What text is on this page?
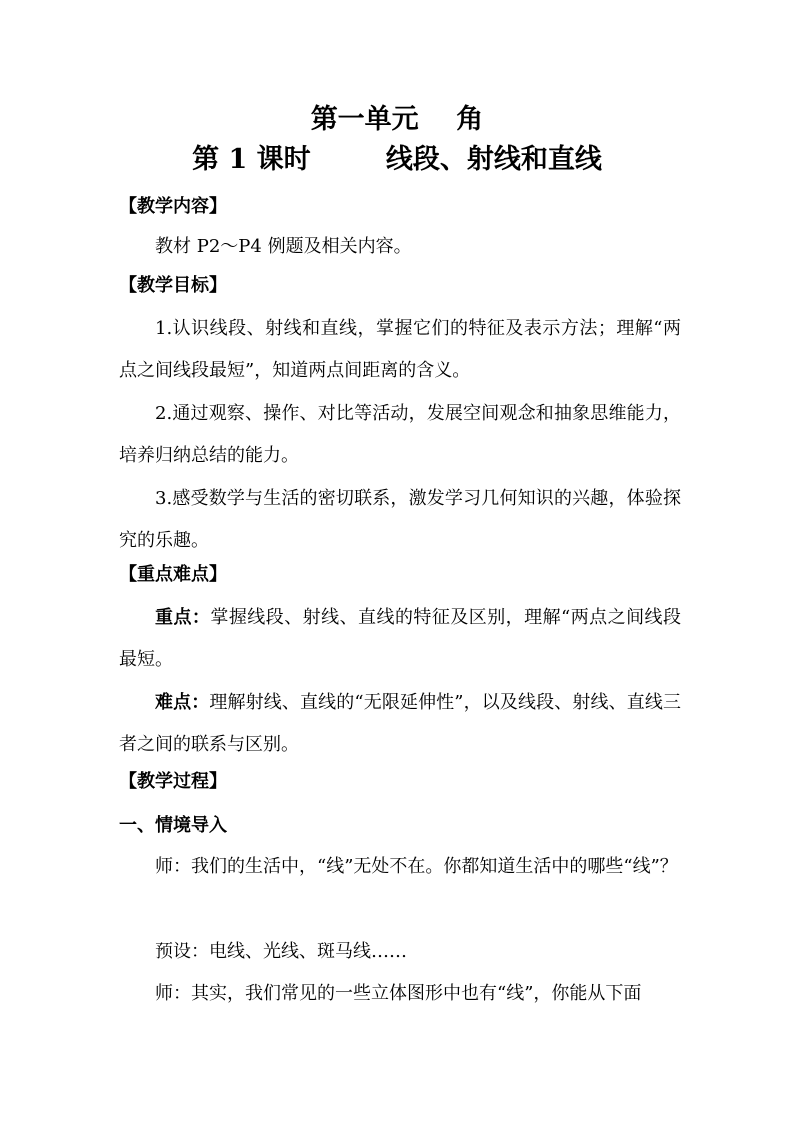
第一单元    角
第 1 课时        线段、射线和直线
【教学内容】
教材 P2～P4 例题及相关内容。
【教学目标】
1.认识线段、射线和直线，掌握它们的特征及表示方法；理解“两点之间线段最短”，知道两点间距离的含义。
2.通过观察、操作、对比等活动，发展空间观念和抽象思维能力，培养归纳总结的能力。
3.感受数学与生活的密切联系，激发学习几何知识的兴趣，体验探究的乐趣。
【重点难点】
重点：掌握线段、射线、直线的特征及区别，理解“两点之间线段最短。
难点：理解射线、直线的“无限延伸性”，以及线段、射线、直线三者之间的联系与区别。
【教学过程】
一、情境导入
师：我们的生活中，“线”无处不在。你都知道生活中的哪些“线”？
预设：电线、光线、斑马线……
师：其实，我们常见的一些立体图形中也有“线”，你能从下面
